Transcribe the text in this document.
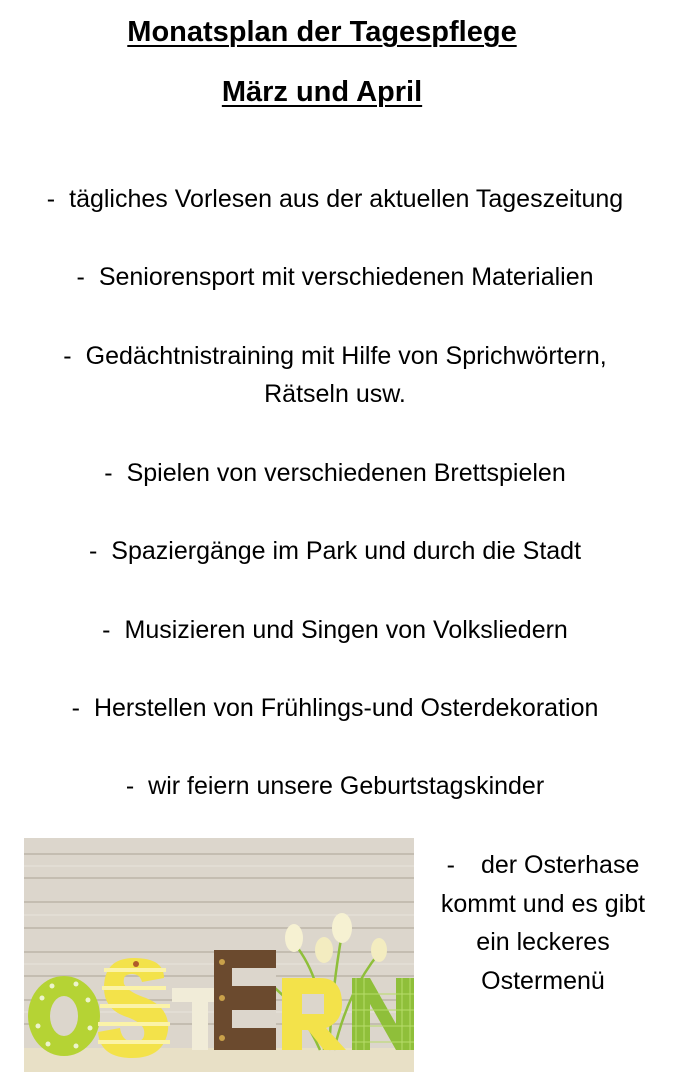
Monatsplan der Tagespflege
März und April
- tägliches Vorlesen aus der aktuellen Tageszeitung
- Seniorensport mit verschiedenen Materialien
- Gedächtnistraining mit Hilfe von Sprichwörtern,
Rätseln usw.
- Spielen von verschiedenen Brettspielen
- Spaziergänge im Park und durch die Stadt
- Musizieren und Singen von Volksliedern
- Herstellen von Frühlings-und Osterdekoration
- wir feiern unsere Geburtstagskinder
- der Osterhase
kommt und es gibt
ein leckeres
Ostermenü
